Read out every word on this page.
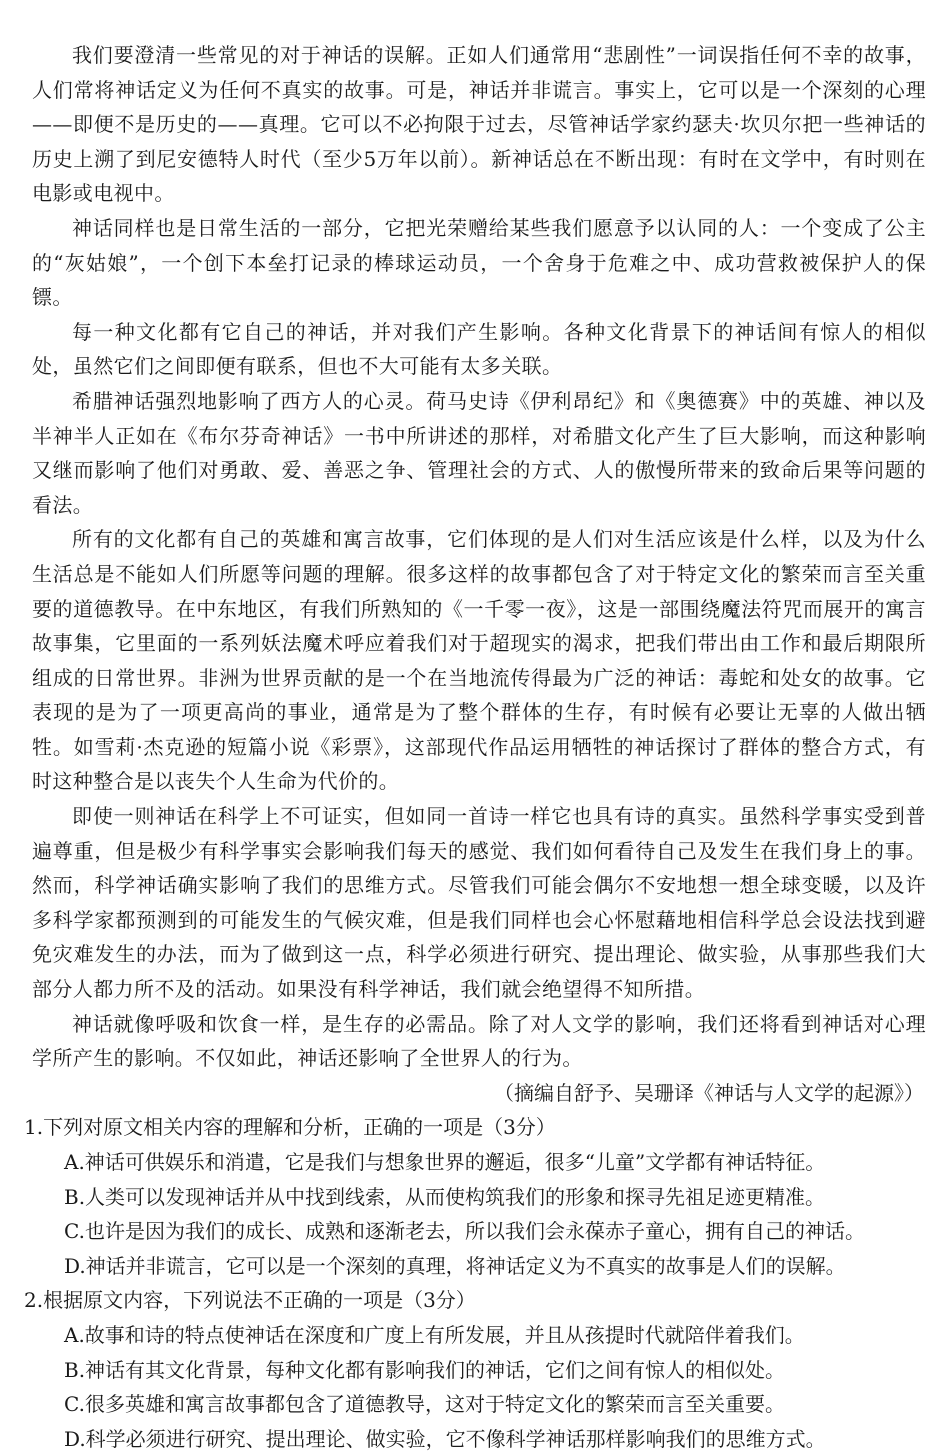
我们要澄清一些常见的对于神话的误解。正如人们通常用“悲剧性”一词误指任何不幸的故事，人们常将神话定义为任何不真实的故事。可是，神话并非谎言。事实上，它可以是一个深刻的心理——即便不是历史的——真理。它可以不必拘限于过去，尽管神话学家约瑟夫·坎贝尔把一些神话的历史上溯了到尼安德特人时代（至少5万年以前）。新神话总在不断出现：有时在文学中，有时则在电影或电视中。

神话同样也是日常生活的一部分，它把光荣赠给某些我们愿意予以认同的人：一个变成了公主的“灰姑娘”，一个创下本垒打记录的棒球运动员，一个舍身于危难之中、成功营救被保护人的保镖。

每一种文化都有它自己的神话，并对我们产生影响。各种文化背景下的神话间有惊人的相似处，虽然它们之间即便有联系，但也不大可能有太多关联。

希腊神话强烈地影响了西方人的心灵。荷马史诗《伊利昂纪》和《奥德赛》中的英雄、神以及半神半人正如在《布尔芬奇神话》一书中所讲述的那样，对希腊文化产生了巨大影响，而这种影响又继而影响了他们对勇敢、爱、善恶之争、管理社会的方式、人的傲慢所带来的致命后果等问题的看法。

所有的文化都有自己的英雄和寓言故事，它们体现的是人们对生活应该是什么样，以及为什么生活总是不能如人们所愿等问题的理解。很多这样的故事都包含了对于特定文化的繁荣而言至关重要的道德教导。在中东地区，有我们所熟知的《一千零一夜》，这是一部围绕魔法符咒而展开的寓言故事集，它里面的一系列妖法魔术呼应着我们对于超现实的渴求，把我们带出由工作和最后期限所组成的日常世界。非洲为世界贡献的是一个在当地流传得最为广泛的神话：毒蛇和处女的故事。它表现的是为了一项更高尚的事业，通常是为了整个群体的生存，有时候有必要让无辜的人做出牺牲。如雪莉·杰克逊的短篇小说《彩票》，这部现代作品运用牺牲的神话探讨了群体的整合方式，有时这种整合是以丧失个人生命为代价的。

即使一则神话在科学上不可证实，但如同一首诗一样它也具有诗的真实。虽然科学事实受到普遍尊重，但是极少有科学事实会影响我们每天的感觉、我们如何看待自己及发生在我们身上的事。然而，科学神话确实影响了我们的思维方式。尽管我们可能会偶尔不安地想一想全球变暖，以及许多科学家都预测到的可能发生的气候灾难，但是我们同样也会心怀慰藉地相信科学总会设法找到避免灾难发生的办法，而为了做到这一点，科学必须进行研究、提出理论、做实验，从事那些我们大部分人都力所不及的活动。如果没有科学神话，我们就会绝望得不知所措。

神话就像呼吸和饮食一样，是生存的必需品。除了对人文学的影响，我们还将看到神话对心理学所产生的影响。不仅如此，神话还影响了全世界人的行为。

（摘编自舒予、吴珊译《神话与人文学的起源》）

1.下列对原文相关内容的理解和分析，正确的一项是（3分）

A.神话可供娱乐和消遣，它是我们与想象世界的邂逅，很多“儿童”文学都有神话特征。

B.人类可以发现神话并从中找到线索，从而使构筑我们的形象和探寻先祖足迹更精准。

C.也许是因为我们的成长、成熟和逐渐老去，所以我们会永葆赤子童心，拥有自己的神话。

D.神话并非谎言，它可以是一个深刻的真理，将神话定义为不真实的故事是人们的误解。

2.根据原文内容，下列说法不正确的一项是（3分）

A.故事和诗的特点使神话在深度和广度上有所发展，并且从孩提时代就陪伴着我们。

B.神话有其文化背景，每种文化都有影响我们的神话，它们之间有惊人的相似处。

C.很多英雄和寓言故事都包含了道德教导，这对于特定文化的繁荣而言至关重要。

D.科学必须进行研究、提出理论、做实验，它不像科学神话那样影响我们的思维方式。
